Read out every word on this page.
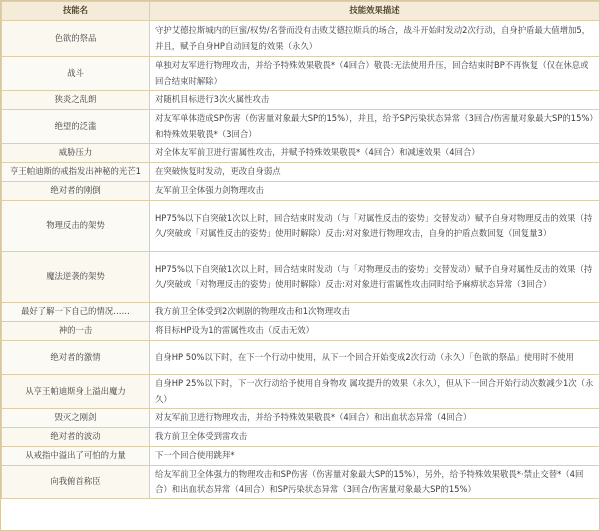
技能名	技能效果描述
色欲的祭品	守护艾德拉斯城内的巨蜜/权势/名誉而没有击败艾德拉斯兵的场合，战斗开始时发动2次行动，自身护盾最大值增加5，并且，赋予自身HP自动回复的效果（永久）
战斗	单独对友军进行物理攻击，并给予特殊效果敬畏*（4回合）敬畏:无法使用升压，回合结束时BP不再恢复（仅在休息或回合结束时解除）
狭炎之乱朗	对随机目标进行3次火属性攻击
绝望的泛滥	对友军单体造成SP伤害（伤害量对象最大SP的15%），并且，给予SP污染状态异常（3回合/伤害量对象最大SP的15%）和特殊效果敬畏*（3回合）
威胁压力	对全体友军前卫进行雷属性攻击，并赋予特殊效果敬畏*（4回合）和减速效果（4回合）
亨王帕迪斯的戒指发出神秘的光芒1	在突破恢复时发动，更改自身弱点
绝对者的刚倒	友军前卫全体强力剑物理攻击
物理反击的架势	HP75%以下自突破1次以上时，回合结束时发动（与「对属性反击的姿势」交替发动）赋予自身对物理反击的效果（持久/突破或「对属性反击的姿势」使用时解除）反击:对对象进行物理攻击，自身的护盾点数回复（回复量3）
魔法逆袭的架势	HP75%以下自突破1次以上时，回合结束时发动（与「对物理反击的姿势」交替发动）赋予自身对属性反击的效果（持久/突破或「对物理反击的姿势」使用时解除）反击:对对象进行雷属性攻击同时给予麻痹状态异常（3回合）
最好了解一下自己的情况……	我方前卫全体受到2次刺剧的物理攻击和1次物理攻击
神的一击	将目标HP设为1的雷属性攻击（反击无效）
绝对者的激情	自身HP 50%以下时，在下一个行动中使用，从下一个回合开始变成2次行动（永久）「色欲的祭品」使用时不使用
从亨王帕迪斯身上溢出魔力	自身HP 25%以下时，下一次行动给予使用自身物攻 属攻提升的效果（永久），但从下一回合开始行动次数减少1次（永久）
毁灭之刚剑	对友军前卫进行物理攻击，并给予特殊效果敬畏*（4回合）和出血状态异常（4回合）
绝对者的波动	我方前卫全体受到雷攻击
从戒指中溢出了可怕的力量	下一个回合使用跳拜*
向我俯首称臣	给友军前卫全体强力的物理攻击和SP伤害（伤害量对象最大SP的15%），另外，给予特殊效果敬畏*·禁止交替*（4回合）和出血状态异常（4回合）和SP污染状态异常（3回合/伤害量对象最大SP的15%）
